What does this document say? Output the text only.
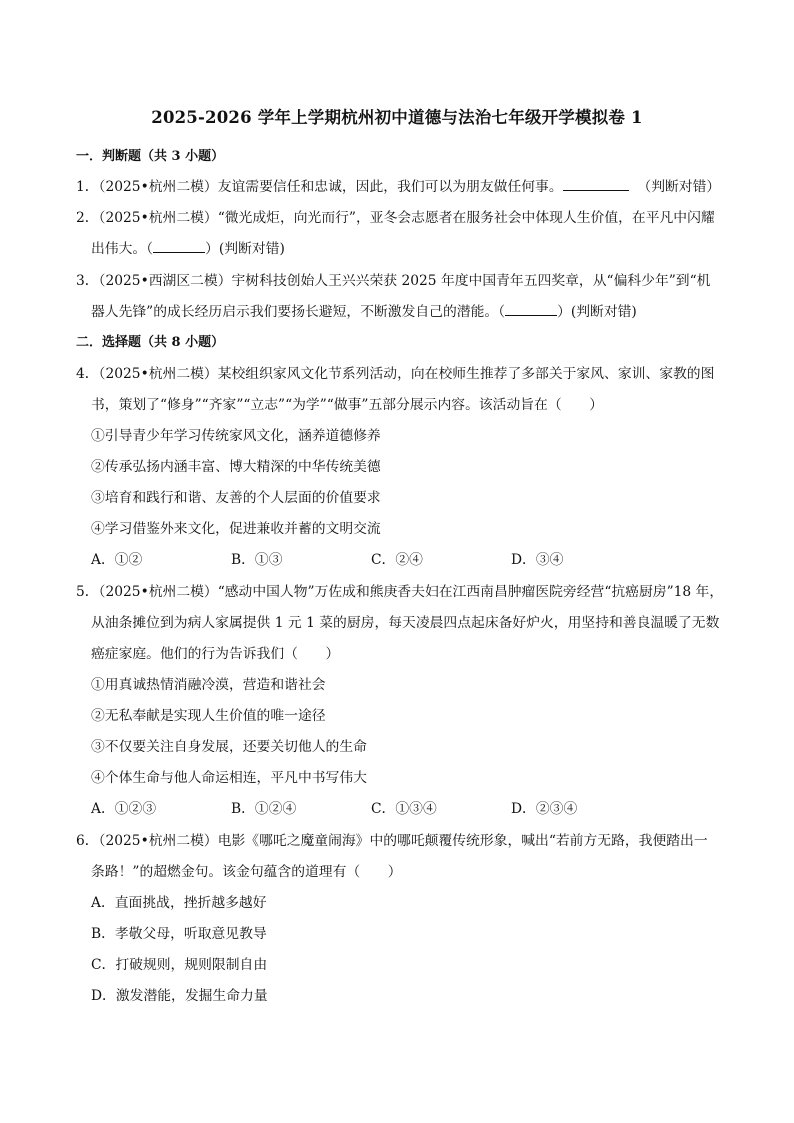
2025-2026 学年上学期杭州初中道德与法治七年级开学模拟卷 1
一．判断题（共 3 小题）
1．（2025•杭州二模）友谊需要信任和忠诚，因此，我们可以为朋友做任何事。	（判断对错）
2．（2025•杭州二模）“微光成炬，向光而行”，亚冬会志愿者在服务社会中体现人生价值，在平凡中闪耀
出伟大。（	）(判断对错)
3．（2025•西湖区二模）宇树科技创始人王兴兴荣获 2025 年度中国青年五四奖章，从“偏科少年”到“机
器人先锋”的成长经历启示我们要扬长避短，不断激发自己的潜能。（	）(判断对错)
二．选择题（共 8 小题）
4．（2025•杭州二模）某校组织家风文化节系列活动，向在校师生推荐了多部关于家风、家训、家教的图
书，策划了“修身”“齐家”“立志”“为学”“做事”五部分展示内容。该活动旨在（　　）
①引导青少年学习传统家风文化，涵养道德修养
②传承弘扬内涵丰富、博大精深的中华传统美德
③培育和践行和谐、友善的个人层面的价值要求
④学习借鉴外来文化，促进兼收并蓄的文明交流
A．①②	B．①③	C．②④	D．③④
5．（2025•杭州二模）“感动中国人物”万佐成和熊庚香夫妇在江西南昌肿瘤医院旁经营“抗癌厨房”18 年，
从油条摊位到为病人家属提供 1 元 1 菜的厨房，每天凌晨四点起床备好炉火，用坚持和善良温暖了无数
癌症家庭。他们的行为告诉我们（　　）
①用真诚热情消融冷漠，营造和谐社会
②无私奉献是实现人生价值的唯一途径
③不仅要关注自身发展，还要关切他人的生命
④个体生命与他人命运相连，平凡中书写伟大
A．①②③	B．①②④	C．①③④	D．②③④
6．（2025•杭州二模）电影《哪吒之魔童闹海》中的哪吒颠覆传统形象，喊出“若前方无路，我便踏出一
条路！”的超燃金句。该金句蕴含的道理有（　　）
A．直面挑战，挫折越多越好
B．孝敬父母，听取意见教导
C．打破规则，规则限制自由
D．激发潜能，发掘生命力量
